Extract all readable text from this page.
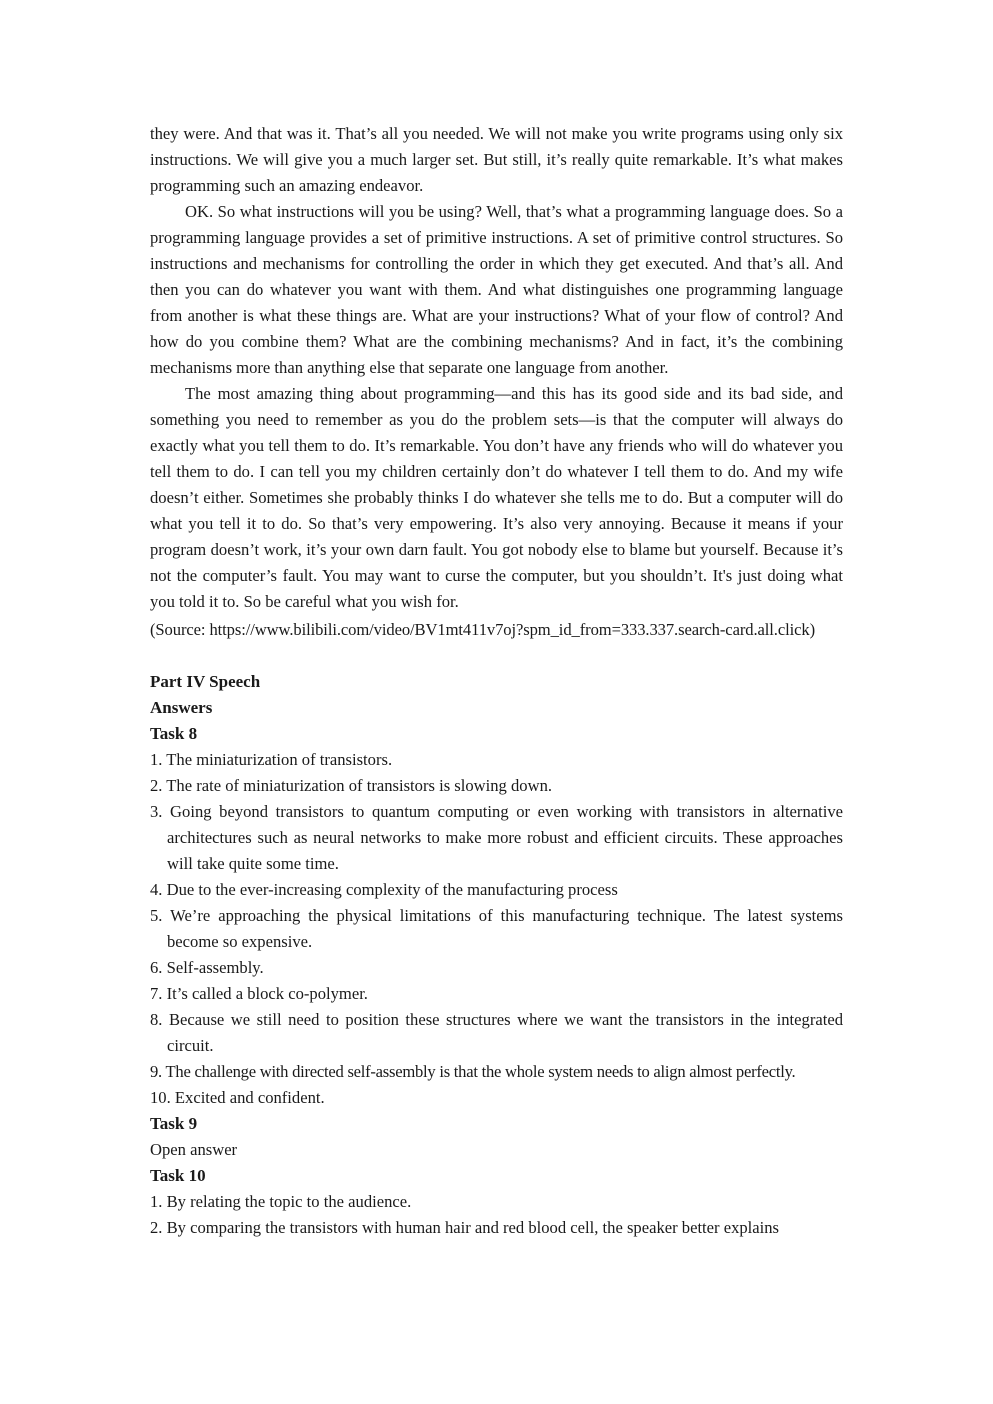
they were. And that was it. That’s all you needed. We will not make you write programs using only six instructions. We will give you a much larger set. But still, it’s really quite remarkable. It’s what makes programming such an amazing endeavor.

OK. So what instructions will you be using? Well, that’s what a programming language does. So a programming language provides a set of primitive instructions. A set of primitive control structures. So instructions and mechanisms for controlling the order in which they get executed. And that’s all. And then you can do whatever you want with them. And what distinguishes one programming language from another is what these things are. What are your instructions? What of your flow of control? And how do you combine them? What are the combining mechanisms? And in fact, it’s the combining mechanisms more than anything else that separate one language from another.

The most amazing thing about programming—and this has its good side and its bad side, and something you need to remember as you do the problem sets—is that the computer will always do exactly what you tell them to do. It’s remarkable. You don’t have any friends who will do whatever you tell them to do. I can tell you my children certainly don’t do whatever I tell them to do. And my wife doesn’t either. Sometimes she probably thinks I do whatever she tells me to do. But a computer will do what you tell it to do. So that’s very empowering. It’s also very annoying. Because it means if your program doesn’t work, it’s your own darn fault. You got nobody else to blame but yourself. Because it’s not the computer’s fault. You may want to curse the computer, but you shouldn’t. It's just doing what you told it to. So be careful what you wish for.

(Source: https://www.bilibili.com/video/BV1mt411v7oj?spm_id_from=333.337.search-card.all.click)

Part IV Speech

Answers

Task 8

1. The miniaturization of transistors.
2. The rate of miniaturization of transistors is slowing down.
3. Going beyond transistors to quantum computing or even working with transistors in alternative architectures such as neural networks to make more robust and efficient circuits. These approaches will take quite some time.
4. Due to the ever-increasing complexity of the manufacturing process
5. We’re approaching the physical limitations of this manufacturing technique. The latest systems become so expensive.
6. Self-assembly.
7. It’s called a block co-polymer.
8. Because we still need to position these structures where we want the transistors in the integrated circuit.
9. The challenge with directed self-assembly is that the whole system needs to align almost perfectly.
10. Excited and confident.

Task 9

Open answer

Task 10

1. By relating the topic to the audience.
2. By comparing the transistors with human hair and red blood cell, the speaker better explains
